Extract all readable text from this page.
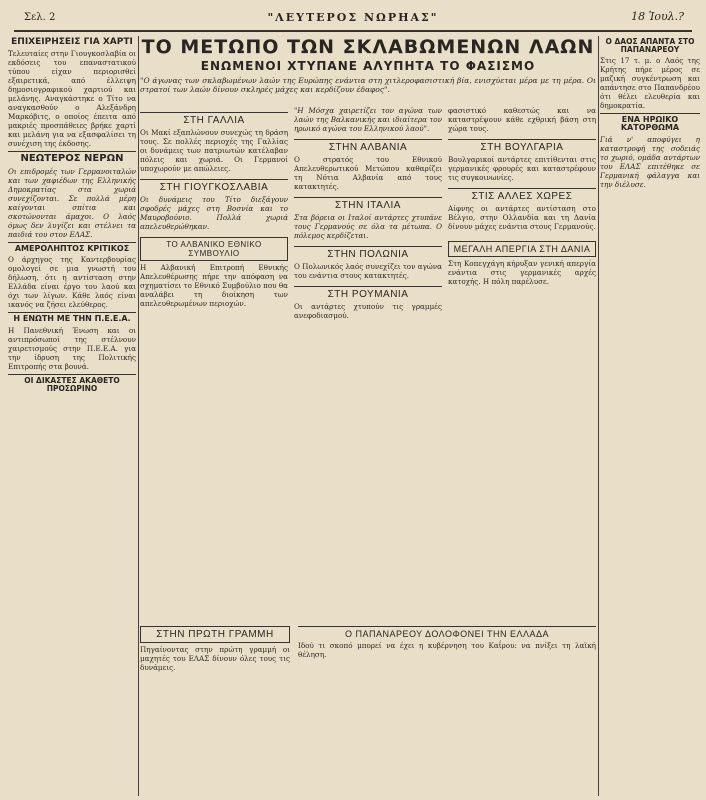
Σελ. 2	"ΛΕΥΤΕΡΟΣ ΝΩΡΗΑΣ"	18 Ἰουλ.?
ΕΠΙΧΕΙΡΗΣΕΙΣ ΓΙΑ ΧΑΡΤΙ

Τελευταίες στην Γιουγκοσλαβία οι εκδόσεις του επαναστατικού τύπου είχαν περιορισθεί εξαιρετικά, από έλλειψη δημοσιογραφικού χαρτιού και μελάνης. Αναγκάστηκε ο Τίτο να αναγκασθούν ο Αλεξάνδρη Μαρκόβιτς, ο οποίος έπειτα από μακριές προσπάθειες βρήκε χαρτί και μελάνη για να εξασφαλίσει τη συνέχιση της έκδοσης.

ΝΕΩΤΕΡΟΣ ΝΕΡΩΝ

Οι επιδρομές των Γερμανοιταλών και των χαφιέδων της Ελληνικής Δημοκρατίας στα χωριά συνεχίζονται. Σε πολλά μέρη καίγονται σπίτια και σκοτώνονται άμαχοι. Ο λαός όμως δεν λυγίζει και στέλνει τα παιδιά του στον ΕΛΑΣ.

ΑΜΕΡΟΛΗΠΤΟΣ ΚΡΙΤΙΚΟΣ

Ο άρχηγος της Καντερβουρίας ομολογεί σε μια γνωστή του δήλωση, ότι η αντίσταση στην Ελλάδα είναι έργο του λαού και όχι των λίγων. Κάθε λαός είναι ικανός να ζήσει ελεύθερος.

Η ΕΝΩΤΗ ΜΕ ΤΗΝ Π.Ε.Ε.Α.

Η Πανεθνική Ένωση και οι αντιπρόσωποί της στέλνουν χαιρετισμούς στην Π.Ε.Ε.Α. για την ίδρυση της Πολιτικής Επιτροπής στα βουνά.

ΟΙ ΔΙΚΑΣΤΕΣ ΑΚΑΘΕΤΟ ΠΡΟΣΩΡΙΝΟ
ΤΟ ΜΕΤΩΠΟ ΤΩΝ ΣΚΛΑΒΩΜΕΝΩΝ ΛΑΩΝ
ΕΝΩΜΕΝΟΙ ΧΤΥΠΑΝΕ ΑΛΥΠΗΤΑ ΤΟ ΦΑΣΙΣΜΟ

"Ο άγωνας των σκλαβωμένων λαών της Ευρώπης ενάντια στη χιτλεροφασιστική βία, ενισχύεται μέρα με τη μέρα. Οι στρατοί των λαών δίνουν σκληρές μάχες και κερδίζουν έδαφος".

ΣΤΗ ΓΑΛΛΙΑ

Οι Μακί εξαπλώνουν συνεχώς τη δράση τους. Σε πολλές περιοχές της Γαλλίας οι δυνάμεις των πατριωτών κατέλαβαν πόλεις και χωριά. Οι Γερμανοί υποχωρούν με απώλειες.

ΣΤΗ ΓΙΟΥΓΚΟΣΛΑΒΙΑ

Οι δυνάμεις του Τίτο διεξάγουν σφοδρές μάχες στη Βοσνία και το Μαυροβούνιο. Πολλά χωριά απελευθερώθηκαν.

ΤΟ ΑΛΒΑΝΙΚΟ ΕΘΝΙΚΟ ΣΥΜΒΟΥΛΙΟ

Η Αλβανική Επιτροπή Εθνικής Απελευθέρωσης πήρε την απόφαση να σχηματίσει το Εθνικό Συμβούλιο που θα αναλάβει τη διοίκηση των απελευθερωμένων περιοχών.

"Η Μόσχα χαιρετίζει τον αγώνα των λαών της Βαλκανικής και ιδιαίτερα τον ηρωικό αγώνα του Ελληνικού λαού".

ΣΤΗΝ ΑΛΒΑΝΙΑ

Ο στρατός του Εθνικού Απελευθερωτικού Μετώπου καθαρίζει τη Νότια Αλβανία από τους κατακτητές.

ΣΤΗΝ ΙΤΑΛΙΑ

Στα βόρεια οι Ιταλοί αντάρτες χτυπάνε τους Γερμανούς σε όλα τα μέτωπα. Ο πόλεμος κερδίζεται.

ΣΤΗΝ ΠΟΛΩΝΙΑ

Ο Πολωνικός λαός συνεχίζει τον αγώνα του ενάντια στους κατακτητές.

ΣΤΗ ΡΟΥΜΑΝΙΑ

Οι αντάρτες χτυπούν τις γραμμές ανεφοδιασμού.

φασιστικό καθεστώς και να καταστρέψουν κάθε εχθρική βάση στη χώρα τους.

ΣΤΗ ΒΟΥΛΓΑΡΙΑ

Βουλγαρικοί αντάρτες επιτίθενται στις γερμανικές φρουρές και καταστρέφουν τις συγκοινωνίες.

ΣΤΙΣ ΑΛΛΕΣ ΧΩΡΕΣ

Αίφνης οι αντάρτες αντίσταση στο Βέλγιο, στην Ολλανδία και τη Δανία δίνουν μάχες ενάντια στους Γερμανούς.

ΜΕΓΑΛΗ ΑΠΕΡΓΙΑ ΣΤΗ ΔΑΝΙΑ

Στη Κοπεγχάγη κήρυξαν γενική απεργία ενάντια στις γερμανικές αρχές κατοχής. Η πόλη παρέλυσε.

ΣΤΗΝ ΠΡΩΤΗ ΓΡΑΜΜΗ

Πηγαίνοντας στην πρώτη γραμμή οι μαχητές του ΕΛΑΣ δίνουν όλες τους τις δυνάμεις.

Ο ΠΑΠΑΝΑΡΕΟΥ ΔΟΛΟΦΟΝΕΙ ΤΗΝ ΕΛΛΑΔΑ

Ιδού τι σκοπό μπορεί να έχει η κυβέρνηση του Καΐρου: να πνίξει τη λαϊκή θέληση.

Ο ΔΑΟΣ ΑΠΑΝΤΑ ΣΤΟ ΠΑΠΑΝΑΡΕΟΥ

Στις 17 τ. μ. ο Λαός της Κρήτης πήρε μέρος σε μαζική συγκέντρωση και απάντησε στο Παπανδρέου ότι θέλει ελευθερία και δημοκρατία.

ΕΝΑ ΗΡΩΙΚΟ ΚΑΤΟΡΘΩΜΑ

Γιά ν' αποφύγει η καταστροφή της σοδειάς το χωριό, ομάδα αντάρτων του ΕΛΑΣ επιτέθηκε σε Γερμανική φάλαγγα και την διέλυσε.
